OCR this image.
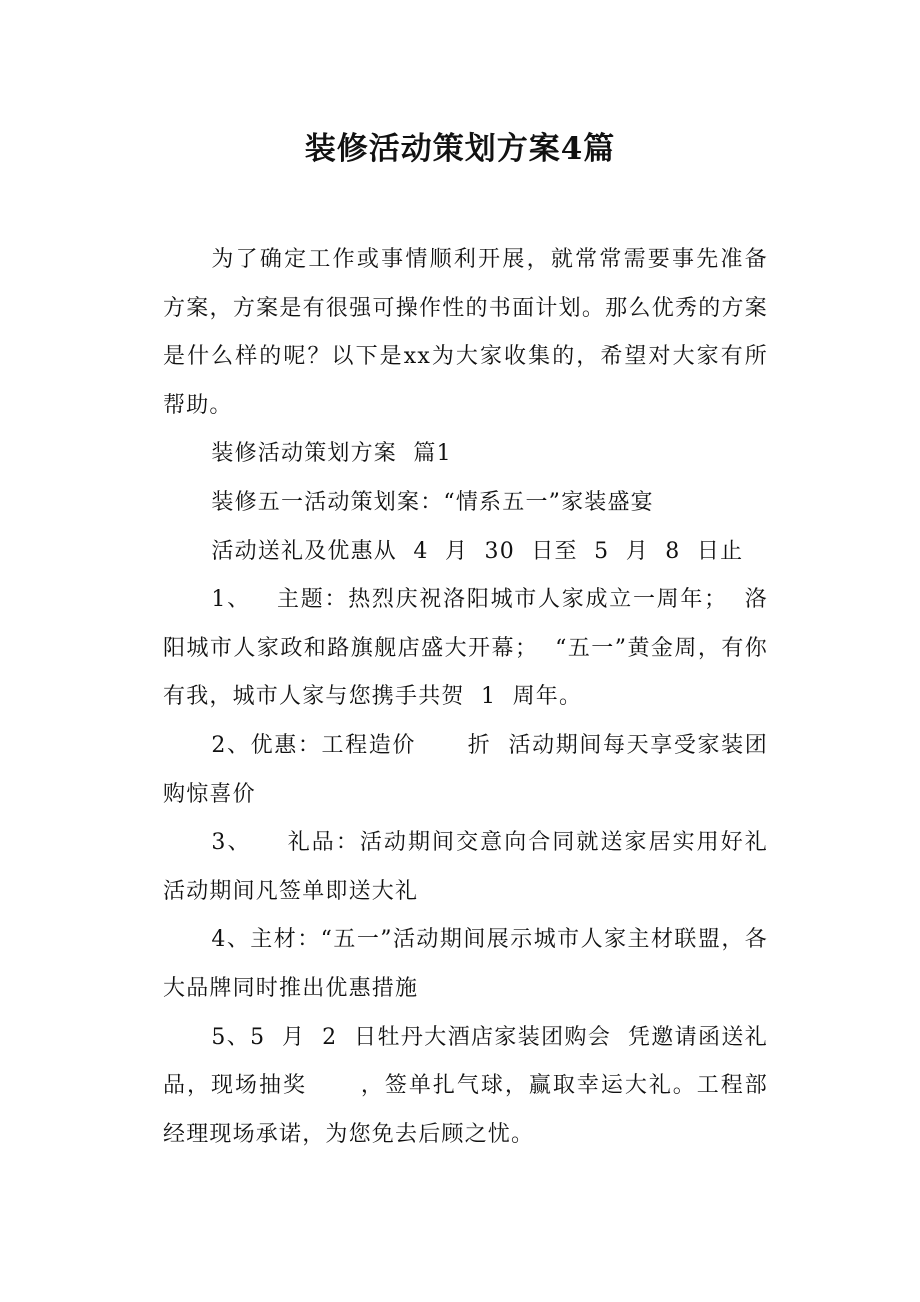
装修活动策划方案4篇

为了确定工作或事情顺利开展，就常常需要事先准备方案，方案是有很强可操作性的书面计划。那么优秀的方案是什么样的呢？以下是xx为大家收集的，希望对大家有所帮助。

装修活动策划方案  篇1

装修五一活动策划案：“情系五一”家装盛宴

活动送礼及优惠从  4  月  30  日至  5  月  8  日止

1、   主题：热烈庆祝洛阳城市人家成立一周年；  洛阳城市人家政和路旗舰店盛大开幕；  “五一”黄金周，有你有我，城市人家与您携手共贺  1  周年。

2、优惠：工程造价      折  活动期间每天享受家装团购惊喜价

3、    礼品：活动期间交意向合同就送家居实用好礼活动期间凡签单即送大礼

4、主材：“五一”活动期间展示城市人家主材联盟，各大品牌同时推出优惠措施

5、5  月  2  日牡丹大酒店家装团购会  凭邀请函送礼品，现场抽奖      ，签单扎气球，赢取幸运大礼。工程部  经理现场承诺，为您免去后顾之忧。
